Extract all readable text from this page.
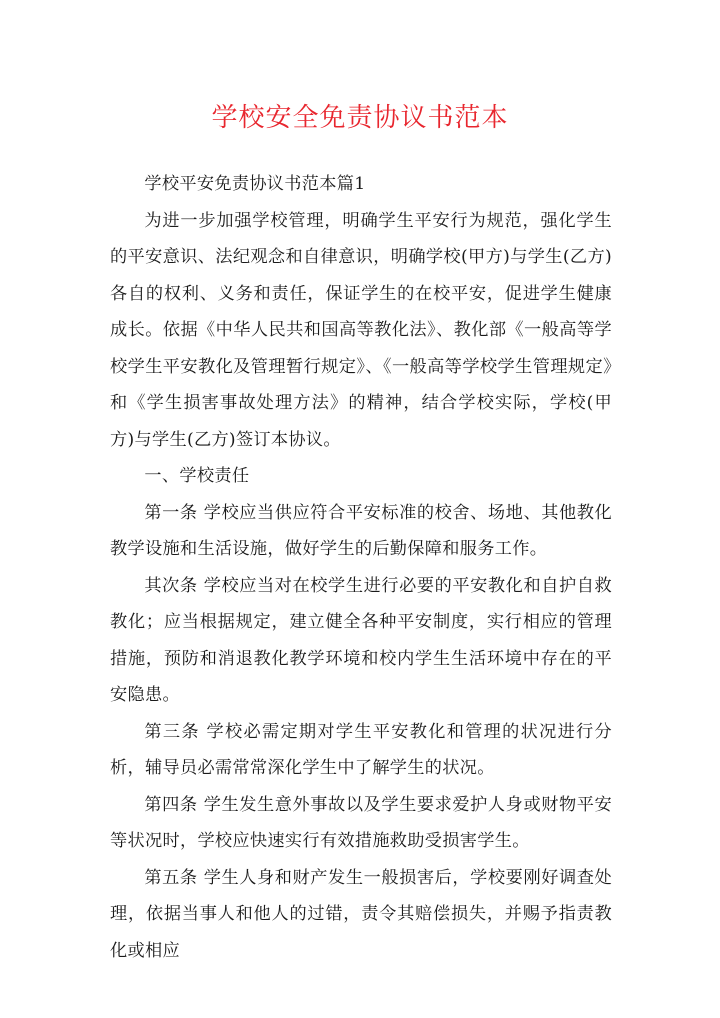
学校安全免责协议书范本

学校平安免责协议书范本篇1

为进一步加强学校管理，明确学生平安行为规范，强化学生的平安意识、法纪观念和自律意识，明确学校(甲方)与学生(乙方)各自的权利、义务和责任，保证学生的在校平安，促进学生健康成长。依据《中华人民共和国高等教化法》、教化部《一般高等学校学生平安教化及管理暂行规定》、《一般高等学校学生管理规定》和《学生损害事故处理方法》的精神，结合学校实际，学校(甲方)与学生(乙方)签订本协议。

一、学校责任

第一条 学校应当供应符合平安标准的校舍、场地、其他教化教学设施和生活设施，做好学生的后勤保障和服务工作。

其次条 学校应当对在校学生进行必要的平安教化和自护自救教化；应当根据规定，建立健全各种平安制度，实行相应的管理措施，预防和消退教化教学环境和校内学生生活环境中存在的平安隐患。

第三条 学校必需定期对学生平安教化和管理的状况进行分析，辅导员必需常常深化学生中了解学生的状况。

第四条 学生发生意外事故以及学生要求爱护人身或财物平安等状况时，学校应快速实行有效措施救助受损害学生。

第五条 学生人身和财产发生一般损害后，学校要刚好调查处理，依据当事人和他人的过错，责令其赔偿损失，并赐予指责教化或相应
